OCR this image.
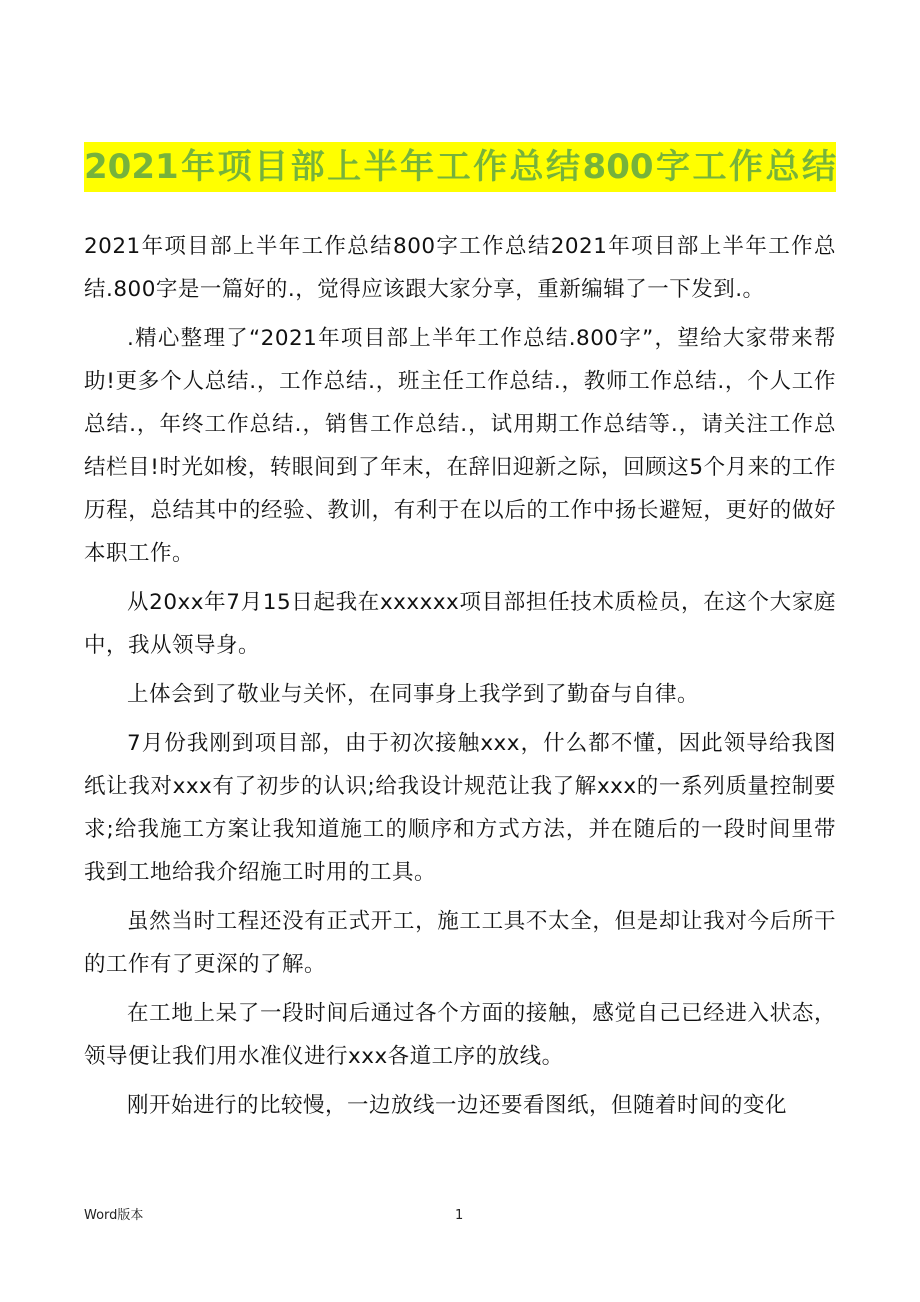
2021年项目部上半年工作总结800字工作总结

2021年项目部上半年工作总结800字工作总结2021年项目部上半年工作总结.800字是一篇好的.，觉得应该跟大家分享，重新编辑了一下发到.。

.精心整理了“2021年项目部上半年工作总结.800字”，望给大家带来帮助!更多个人总结.，工作总结.，班主任工作总结.，教师工作总结.，个人工作总结.，年终工作总结.，销售工作总结.，试用期工作总结等.，请关注工作总结栏目!时光如梭，转眼间到了年末，在辞旧迎新之际，回顾这5个月来的工作历程，总结其中的经验、教训，有利于在以后的工作中扬长避短，更好的做好本职工作。

从20xx年7月15日起我在xxxxxx项目部担任技术质检员，在这个大家庭中，我从领导身。

上体会到了敬业与关怀，在同事身上我学到了勤奋与自律。

7月份我刚到项目部，由于初次接触xxx，什么都不懂，因此领导给我图纸让我对xxx有了初步的认识;给我设计规范让我了解xxx的一系列质量控制要求;给我施工方案让我知道施工的顺序和方式方法，并在随后的一段时间里带我到工地给我介绍施工时用的工具。

虽然当时工程还没有正式开工，施工工具不太全，但是却让我对今后所干的工作有了更深的了解。

在工地上呆了一段时间后通过各个方面的接触，感觉自己已经进入状态，领导便让我们用水准仪进行xxx各道工序的放线。

刚开始进行的比较慢，一边放线一边还要看图纸，但随着时间的变化

Word版本	1
